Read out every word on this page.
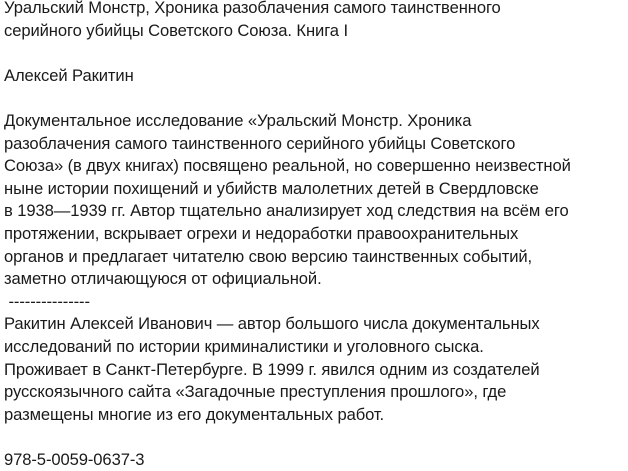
Уральский Монстр, Хроника разоблачения самого таинственного
серийного убийцы Советского Союза. Книга I
Алексей Ракитин
Документальное исследование «Уральский Монстр. Хроника
разоблачения самого таинственного серийного убийцы Советского
Союза» (в двух книгах) посвящено реальной, но совершенно неизвестной
ныне истории похищений и убийств малолетних детей в Свердловске
в 1938—1939 гг. Автор тщательно анализирует ход следствия на всём его
протяжении, вскрывает огрехи и недоработки правоохранительных
органов и предлагает читателю свою версию таинственных событий,
заметно отличающуюся от официальной.
---------------
Ракитин Алексей Иванович — автор большого числа документальных
исследований по истории криминалистики и уголовного сыска.
Проживает в Санкт-Петербурге. В 1999 г. явился одним из создателей
русскоязычного сайта «Загадочные преступления прошлого», где
размещены многие из его документальных работ.
978-5-0059-0637-3
